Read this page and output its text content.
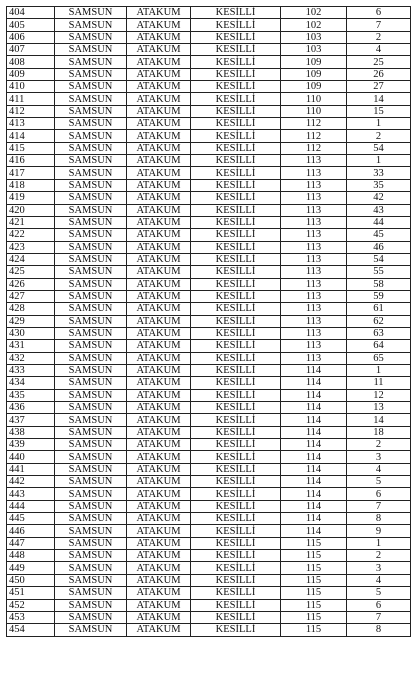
404	SAMSUN	ATAKUM	KESİLLİ	102	6
405	SAMSUN	ATAKUM	KESİLLİ	102	7
406	SAMSUN	ATAKUM	KESİLLİ	103	2
407	SAMSUN	ATAKUM	KESİLLİ	103	4
408	SAMSUN	ATAKUM	KESİLLİ	109	25
409	SAMSUN	ATAKUM	KESİLLİ	109	26
410	SAMSUN	ATAKUM	KESİLLİ	109	27
411	SAMSUN	ATAKUM	KESİLLİ	110	14
412	SAMSUN	ATAKUM	KESİLLİ	110	15
413	SAMSUN	ATAKUM	KESİLLİ	112	1
414	SAMSUN	ATAKUM	KESİLLİ	112	2
415	SAMSUN	ATAKUM	KESİLLİ	112	54
416	SAMSUN	ATAKUM	KESİLLİ	113	1
417	SAMSUN	ATAKUM	KESİLLİ	113	33
418	SAMSUN	ATAKUM	KESİLLİ	113	35
419	SAMSUN	ATAKUM	KESİLLİ	113	42
420	SAMSUN	ATAKUM	KESİLLİ	113	43
421	SAMSUN	ATAKUM	KESİLLİ	113	44
422	SAMSUN	ATAKUM	KESİLLİ	113	45
423	SAMSUN	ATAKUM	KESİLLİ	113	46
424	SAMSUN	ATAKUM	KESİLLİ	113	54
425	SAMSUN	ATAKUM	KESİLLİ	113	55
426	SAMSUN	ATAKUM	KESİLLİ	113	58
427	SAMSUN	ATAKUM	KESİLLİ	113	59
428	SAMSUN	ATAKUM	KESİLLİ	113	61
429	SAMSUN	ATAKUM	KESİLLİ	113	62
430	SAMSUN	ATAKUM	KESİLLİ	113	63
431	SAMSUN	ATAKUM	KESİLLİ	113	64
432	SAMSUN	ATAKUM	KESİLLİ	113	65
433	SAMSUN	ATAKUM	KESİLLİ	114	1
434	SAMSUN	ATAKUM	KESİLLİ	114	11
435	SAMSUN	ATAKUM	KESİLLİ	114	12
436	SAMSUN	ATAKUM	KESİLLİ	114	13
437	SAMSUN	ATAKUM	KESİLLİ	114	14
438	SAMSUN	ATAKUM	KESİLLİ	114	18
439	SAMSUN	ATAKUM	KESİLLİ	114	2
440	SAMSUN	ATAKUM	KESİLLİ	114	3
441	SAMSUN	ATAKUM	KESİLLİ	114	4
442	SAMSUN	ATAKUM	KESİLLİ	114	5
443	SAMSUN	ATAKUM	KESİLLİ	114	6
444	SAMSUN	ATAKUM	KESİLLİ	114	7
445	SAMSUN	ATAKUM	KESİLLİ	114	8
446	SAMSUN	ATAKUM	KESİLLİ	114	9
447	SAMSUN	ATAKUM	KESİLLİ	115	1
448	SAMSUN	ATAKUM	KESİLLİ	115	2
449	SAMSUN	ATAKUM	KESİLLİ	115	3
450	SAMSUN	ATAKUM	KESİLLİ	115	4
451	SAMSUN	ATAKUM	KESİLLİ	115	5
452	SAMSUN	ATAKUM	KESİLLİ	115	6
453	SAMSUN	ATAKUM	KESİLLİ	115	7
454	SAMSUN	ATAKUM	KESİLLİ	115	8
